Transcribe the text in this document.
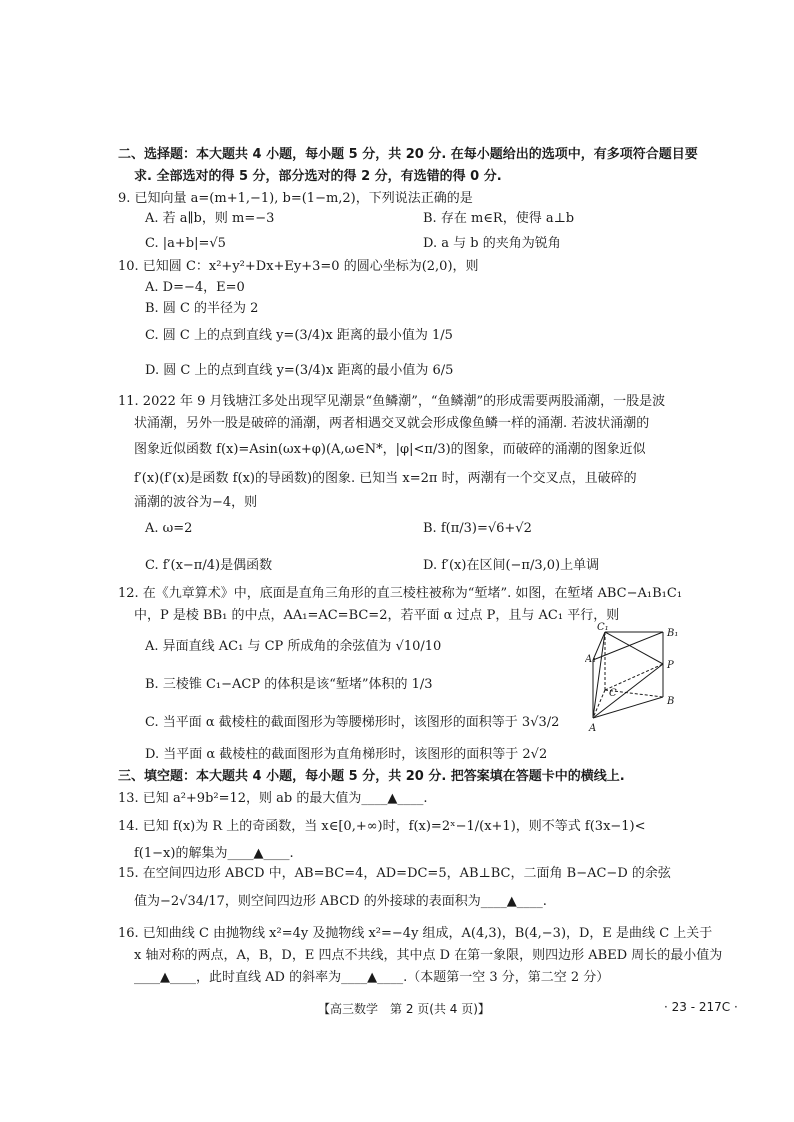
二、选择题：本大题共 4 小题，每小题 5 分，共 20 分. 在每小题给出的选项中，有多项符合题目要
求. 全部选对的得 5 分，部分选对的得 2 分，有选错的得 0 分.
9. 已知向量 a=(m+1,−1), b=(1−m,2)，下列说法正确的是
A. 若 a∥b，则 m=−3	B. 存在 m∈R，使得 a⊥b
C. |a+b|=√5	D. a 与 b 的夹角为锐角
10. 已知圆 C：x²+y²+Dx+Ey+3=0 的圆心坐标为(2,0)，则
A. D=−4，E=0
B. 圆 C 的半径为 2
C. 圆 C 上的点到直线 y=(3/4)x 距离的最小值为 1/5
D. 圆 C 上的点到直线 y=(3/4)x 距离的最小值为 6/5
11. 2022 年 9 月钱塘江多处出现罕见潮景“鱼鳞潮”，“鱼鳞潮”的形成需要两股涌潮，一股是波
状涌潮，另外一股是破碎的涌潮，两者相遇交叉就会形成像鱼鳞一样的涌潮. 若波状涌潮的
图象近似函数 f(x)=Asin(ωx+φ)(A,ω∈N*，|φ|<π/3)的图象，而破碎的涌潮的图象近似
f′(x)(f′(x)是函数 f(x)的导函数)的图象. 已知当 x=2π 时，两潮有一个交叉点，且破碎的
涌潮的波谷为−4，则
A. ω=2	B. f(π/3)=√6+√2
C. f′(x−π/4)是偶函数	D. f′(x)在区间(−π/3,0)上单调
12. 在《九章算术》中，底面是直角三角形的直三棱柱被称为“堑堵”. 如图，在堑堵 ABC−A₁B₁C₁
中，P 是棱 BB₁ 的中点，AA₁=AC=BC=2，若平面 α 过点 P，且与 AC₁ 平行，则
A. 异面直线 AC₁ 与 CP 所成角的余弦值为 √10/10
B. 三棱锥 C₁−ACP 的体积是该“堑堵”体积的 1/3
C. 当平面 α 截棱柱的截面图形为等腰梯形时，该图形的面积等于 3√3/2
D. 当平面 α 截棱柱的截面图形为直角梯形时，该图形的面积等于 2√2
三、填空题：本大题共 4 小题，每小题 5 分，共 20 分. 把答案填在答题卡中的横线上.
13. 已知 a²+9b²=12，则 ab 的最大值为____▲____.
14. 已知 f(x)为 R 上的奇函数，当 x∈[0,+∞)时，f(x)=2ˣ−1/(x+1)，则不等式 f(3x−1)<
f(1−x)的解集为____▲____.
15. 在空间四边形 ABCD 中，AB=BC=4，AD=DC=5，AB⊥BC，二面角 B−AC−D 的余弦
值为−2√34/17，则空间四边形 ABCD 的外接球的表面积为____▲____.
16. 已知曲线 C 由抛物线 x²=4y 及抛物线 x²=−4y 组成，A(4,3)，B(4,−3)，D，E 是曲线 C 上关于
x 轴对称的两点，A，B，D，E 四点不共线，其中点 D 在第一象限，则四边形 ABED 周长的最小值为
____▲____，此时直线 AD 的斜率为____▲____.（本题第一空 3 分，第二空 2 分）
C₁
B₁
A₁
P
C
B
A
【高三数学　第 2 页(共 4 页)】	· 23 - 217C ·
